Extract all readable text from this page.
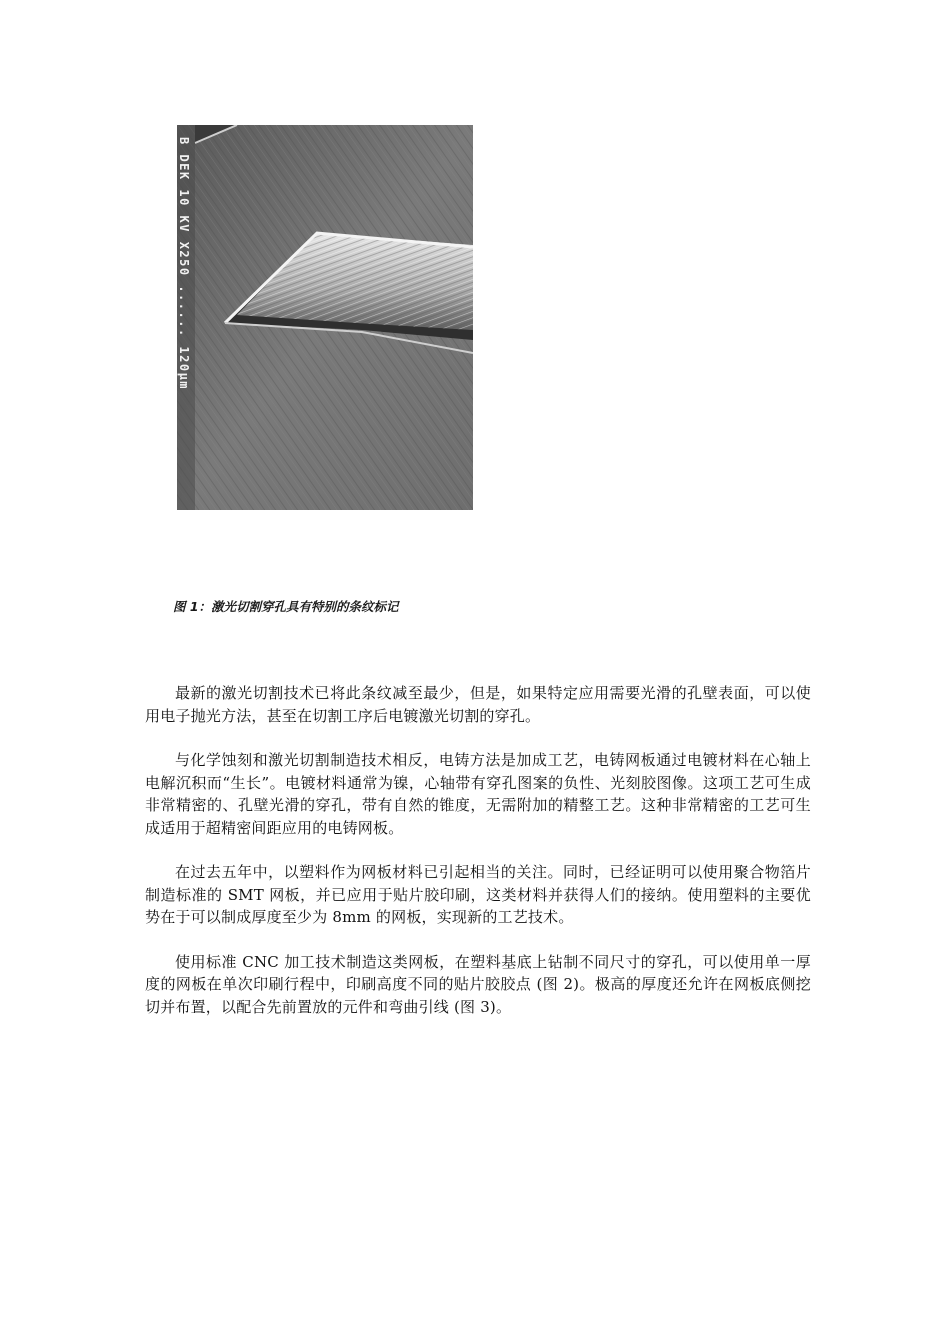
B DEK 10 KV X250 ...... 120μm
图 1：激光切割穿孔具有特别的条纹标记

最新的激光切割技术已将此条纹减至最少，但是，如果特定应用需要光滑的孔壁表面，可以使用电子抛光方法，甚至在切割工序后电镀激光切割的穿孔。

与化学蚀刻和激光切割制造技术相反，电铸方法是加成工艺，电铸网板通过电镀材料在心轴上电解沉积而“生长”。电镀材料通常为镍，心轴带有穿孔图案的负性、光刻胶图像。这项工艺可生成非常精密的、孔壁光滑的穿孔，带有自然的锥度，无需附加的精整工艺。这种非常精密的工艺可生成适用于超精密间距应用的电铸网板。

在过去五年中，以塑料作为网板材料已引起相当的关注。同时，已经证明可以使用聚合物箔片制造标准的 SMT 网板，并已应用于贴片胶印刷，这类材料并获得人们的接纳。使用塑料的主要优势在于可以制成厚度至少为 8mm 的网板，实现新的工艺技术。

使用标准 CNC 加工技术制造这类网板，在塑料基底上钻制不同尺寸的穿孔，可以使用单一厚度的网板在单次印刷行程中，印刷高度不同的贴片胶胶点 (图 2)。极高的厚度还允许在网板底侧挖切并布置，以配合先前置放的元件和弯曲引线 (图 3)。
